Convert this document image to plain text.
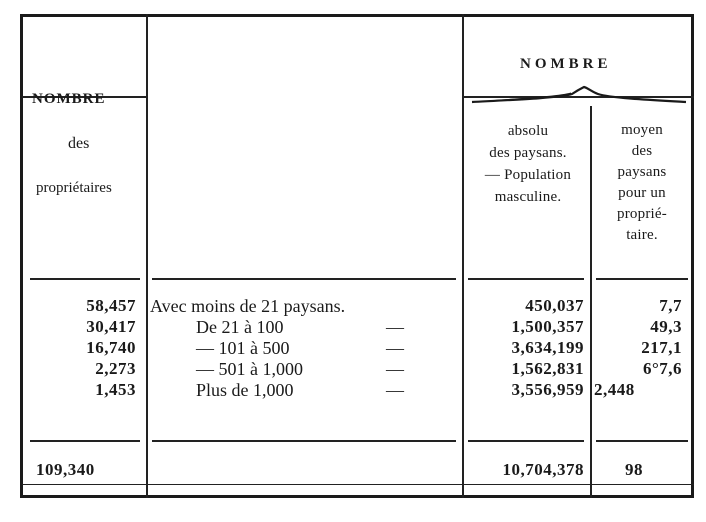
NOMBRE
des
propriétaires
NOMBRE
absolu
des paysans.
— Population
masculine.
moyen
des
paysans
pour un
proprié-
taire.
58,457
30,417
16,740
2,273
1,453
Avec moins de 21 paysans.
De 21 à 100
— 101 à 500
— 501 à 1,000
Plus de 1,000
—
—
—
—
450,037
1,500,357
3,634,199
1,562,831
3,556,959
7,7
49,3
217,1
6°7,6
2,448
109,340	10,704,378	98
